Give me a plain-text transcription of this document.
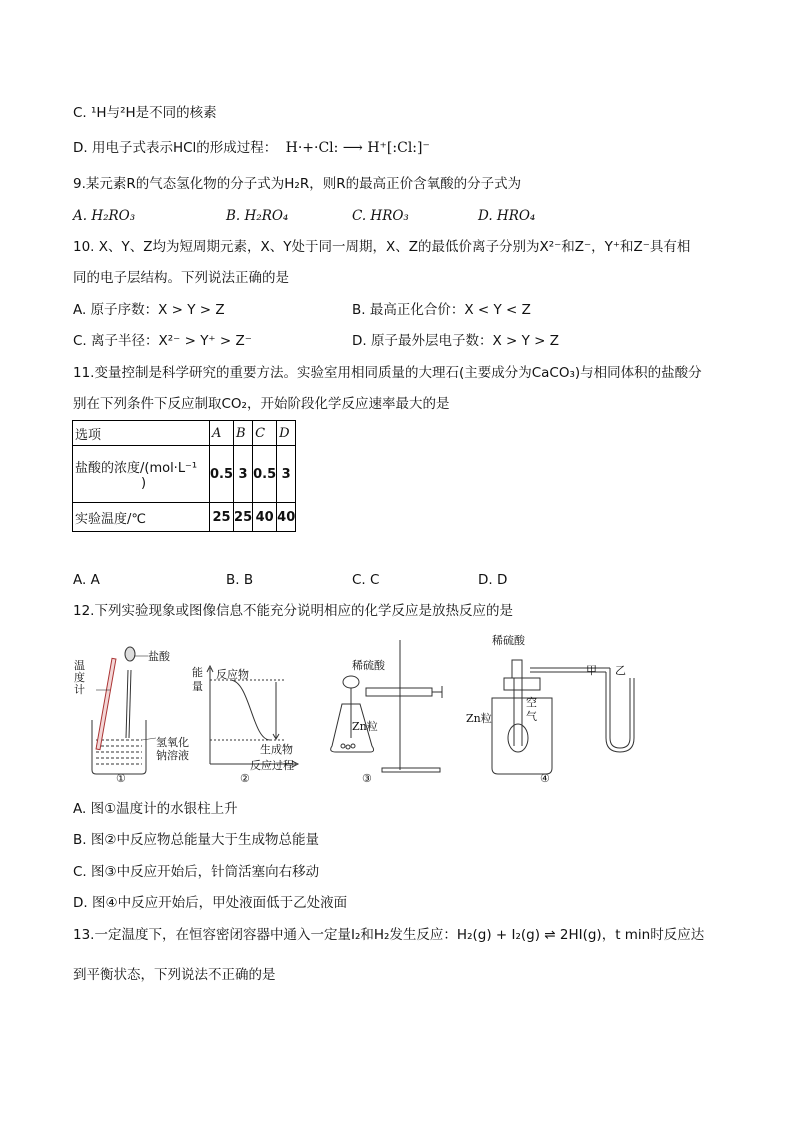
C. ¹H与²H是不同的核素
D. 用电子式表示HCl的形成过程： H·+·Cl: ⟶ H⁺[:Cl:]⁻
9.某元素R的气态氢化物的分子式为H₂R，则R的最高正价含氧酸的分子式为
A. H₂RO₃	B. H₂RO₄	C. HRO₃	D. HRO₄
10. X、Y、Z均为短周期元素，X、Y处于同一周期，X、Z的最低价离子分别为X²⁻和Z⁻，Y⁺和Z⁻具有相
同的电子层结构。下列说法正确的是
A. 原子序数：X > Y > Z	B. 最高正化合价：X < Y < Z
C. 离子半径：X²⁻ > Y⁺ > Z⁻	D. 原子最外层电子数：X > Y > Z
11.变量控制是科学研究的重要方法。实验室用相同质量的大理石(主要成分为CaCO₃)与相同体积的盐酸分
别在下列条件下反应制取CO₂，开始阶段化学反应速率最大的是
选项	A	B	C	D

盐酸的浓度/(mol·L⁻¹
)	0.5	3	0.5	3
实验温度/℃	25	25	40	40
A. A	B. B	C. C	D. D
12.下列实验现象或图像信息不能充分说明相应的化学反应是放热反应的是
温度计
盐酸
氢氧化
钠溶液
①
能
量
反应物
生成物
反应过程
②
稀硫酸
Zn粒
③
稀硫酸
Zn粒
空
气
甲 乙
④
A. 图①温度计的水银柱上升
B. 图②中反应物总能量大于生成物总能量
C. 图③中反应开始后，针筒活塞向右移动
D. 图④中反应开始后，甲处液面低于乙处液面
13.一定温度下，在恒容密闭容器中通入一定量I₂和H₂发生反应：H₂(g) + I₂(g) ⇌ 2HI(g)，t min时反应达
到平衡状态，下列说法不正确的是
